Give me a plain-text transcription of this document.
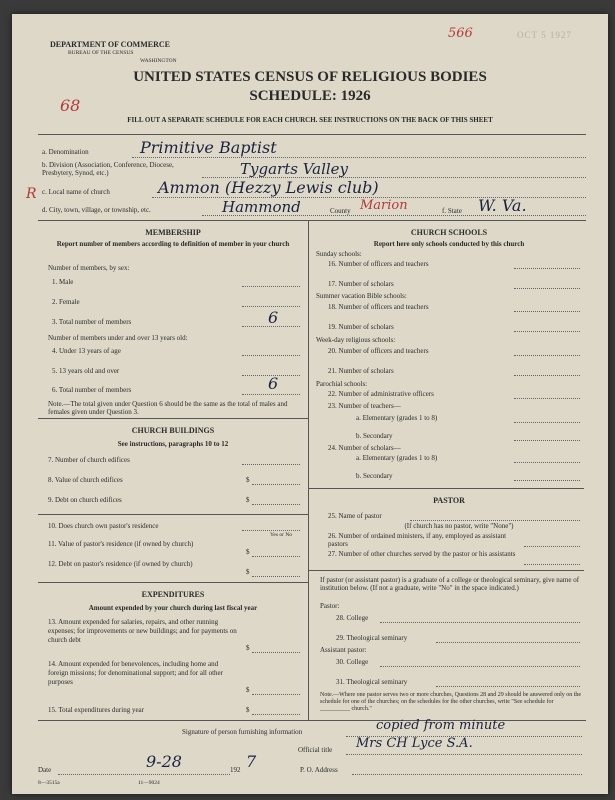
DEPARTMENT OF COMMERCE
BUREAU OF THE CENSUS
WASHINGTON
566	OCT 5 1927
UNITED STATES CENSUS OF RELIGIOUS BODIES
SCHEDULE: 1926
68
FILL OUT A SEPARATE SCHEDULE FOR EACH CHURCH. SEE INSTRUCTIONS ON THE BACK OF THIS SHEET
a. Denomination	Primitive Baptist
b. Division (Association, Conference, Diocese, Presbytery, Synod, etc.)	Tygarts Valley
R c. Local name of church	Ammon (Hezzy Lewis club)
d. City, town, village, or township, etc.	Hammond	County Marion	f. State W. Va.
MEMBERSHIP
Report number of members according to definition of member in your church
Number of members, by sex:
1. Male
2. Female
3. Total number of members	6
Number of members under and over 13 years old:
4. Under 13 years of age
5. 13 years old and over
6. Total number of members	6
Note.—The total given under Question 6 should be the same as the total of males and females given under Question 3.
CHURCH BUILDINGS
See instructions, paragraphs 10 to 12
7. Number of church edifices
8. Value of church edifices	$
9. Debt on church edifices	$
10. Does church own pastor's residence
Yes or No
11. Value of pastor's residence (if owned by church)
$
12. Debt on pastor's residence (if owned by church)
$
EXPENDITURES
Amount expended by your church during last fiscal year
13. Amount expended for salaries, repairs, and other running expenses; for improvements or new buildings; and for payments on church debt
$
14. Amount expended for benevolences, including home and foreign missions; for denominational support; and for all other purposes
$
15. Total expenditures during year	$
CHURCH SCHOOLS
Report here only schools conducted by this church
Sunday schools:
16. Number of officers and teachers
17. Number of scholars
Summer vacation Bible schools:
18. Number of officers and teachers
19. Number of scholars
Week-day religious schools:
20. Number of officers and teachers
21. Number of scholars
Parochial schools:
22. Number of administrative officers
23. Number of teachers—
a. Elementary (grades 1 to 8)
b. Secondary
24. Number of scholars—
a. Elementary (grades 1 to 8)
b. Secondary
PASTOR
25. Name of pastor
(If church has no pastor, write "None")
26. Number of ordained ministers, if any, employed as assistant pastors
27. Number of other churches served by the pastor or his assistants
If pastor (or assistant pastor) is a graduate of a college or theological seminary, give name of institution below. (If not a graduate, write "No" in the space indicated.)
Pastor:
28. College
29. Theological seminary
Assistant pastor:
30. College
31. Theological seminary
Note.—Where one pastor serves two or more churches, Questions 28 and 29 should be answered only on the schedule for one of the churches; on the schedules for the other churches, write "See schedule for __________ church."
Signature of person furnishing information	copied from minute
Official title Mrs CH Lyce S.A.
Date	9-28	192 7	P. O. Address
8—3515a	11—9024
